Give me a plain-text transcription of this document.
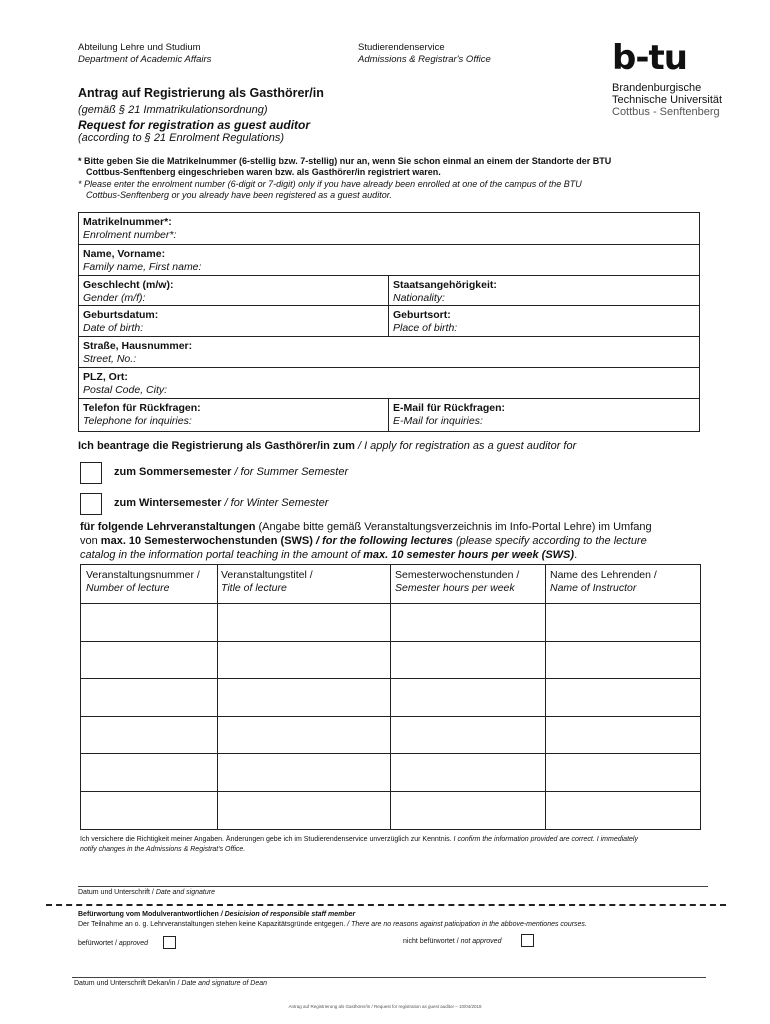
Abteilung Lehre und Studium
Department of Academic Affairs
Studierendenservice
Admissions & Registrar's Office	b-tu
Brandenburgische
Technische Universität
Cottbus - Senftenberg
Antrag auf Registrierung als Gasthörer/in
(gemäß § 21 Immatrikulationsordnung)
Request for registration as guest auditor
(according to § 21 Enrolment Regulations)
* Bitte geben Sie die Matrikelnummer (6-stellig bzw. 7-stellig) nur an, wenn Sie schon einmal an einem der Standorte der BTU
Cottbus-Senftenberg eingeschrieben waren bzw. als Gasthörer/in registriert waren.
* Please enter the enrolment number (6-digit or 7-digit) only if you have already been enrolled at one of the campus of the BTU
Cottbus-Senftenberg or you already have been registered as a guest auditor.
Matrikelnummer*:
Enrolment number*:
Name, Vorname:
Family name, First name:
Geschlecht (m/w):
Gender (m/f):
Staatsangehörigkeit:
Nationality:
Geburtsdatum:
Date of birth:
Geburtsort:
Place of birth:
Straße, Hausnummer:
Street, No.:
PLZ, Ort:
Postal Code, City:
Telefon für Rückfragen:
Telephone for inquiries:
E-Mail für Rückfragen:
E-Mail for inquiries:
Ich beantrage die Registrierung als Gasthörer/in zum / I apply for registration as a guest auditor for
zum Sommersemester / for Summer Semester
zum Wintersemester / for Winter Semester
für folgende Lehrveranstaltungen (Angabe bitte gemäß Veranstaltungsverzeichnis im Info-Portal Lehre) im Umfang
von max. 10 Semesterwochenstunden (SWS) / for the following lectures (please specify according to the lecture
catalog in the information portal teaching in the amount of max. 10 semester hours per week (SWS).
Veranstaltungsnummer /
Number of lecture
Veranstaltungstitel /
Title of lecture
Semesterwochenstunden /
Semester hours per week
Name des Lehrenden /
Name of Instructor
Ich versichere die Richtigkeit meiner Angaben. Änderungen gebe ich im Studierendenservice unverzüglich zur Kenntnis. I confirm the information provided are correct. I immediately
notify changes in the Admissions & Registrat's Office.
Datum und Unterschrift / Date and signature
Befürwortung vom Modulverantwortlichen / Desicision of responsible staff member
Der Teilnahme an o. g. Lehrveranstaltungen stehen keine Kapazitätsgründe entgegen. / There are no reasons against paticipation in the abbove-mentiones courses.
befürwortet / approved	nicht befürwortet / not approved
Datum und Unterschrift Dekan/in / Date and signature of Dean
Antrag auf Registrierung als Gasthörer/in / Request for registration as guest auditor – 10/04/2018
